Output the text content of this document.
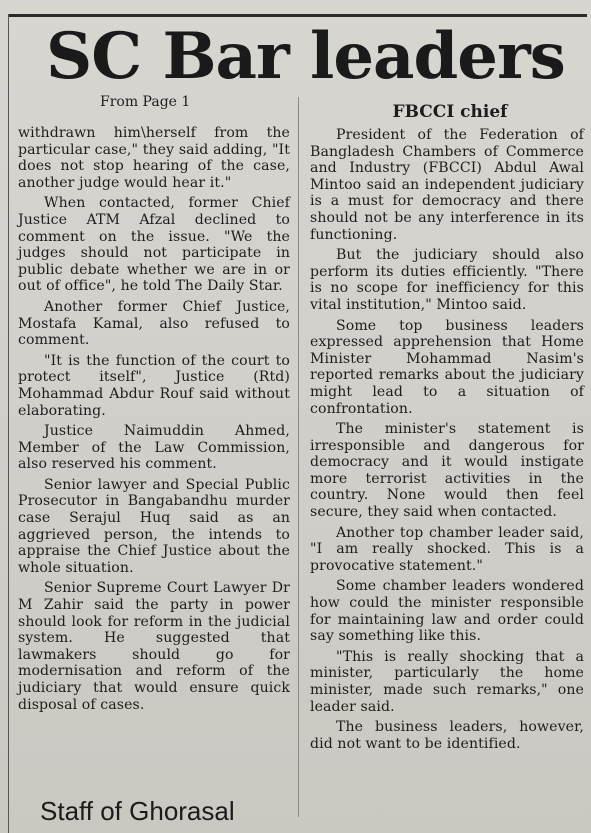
SC Bar leaders
From Page 1

withdrawn him\herself from the particular case," they said adding, "It does not stop hearing of the case, another judge would hear it."

When contacted, former Chief Justice ATM Afzal declined to comment on the issue. "We the judges should not participate in public debate whether we are in or out of office", he told The Daily Star.

Another former Chief Justice, Mostafa Kamal, also refused to comment.

"It is the function of the court to protect itself", Justice (Rtd) Mohammad Abdur Rouf said without elaborating.

Justice Naimuddin Ahmed, Member of the Law Commission, also reserved his comment.

Senior lawyer and Special Public Prosecutor in Bangabandhu murder case Serajul Huq said as an aggrieved person, the intends to appraise the Chief Justice about the whole situation.

Senior Supreme Court Lawyer Dr M Zahir said the party in power should look for reform in the judicial system. He suggested that lawmakers should go for modernisation and reform of the judiciary that would ensure quick disposal of cases.

FBCCI chief

President of the Federation of Bangladesh Chambers of Commerce and Industry (FBCCI) Abdul Awal Mintoo said an independent judiciary is a must for democracy and there should not be any interference in its functioning.

But the judiciary should also perform its duties efficiently. "There is no scope for inefficiency for this vital institution," Mintoo said.

Some top business leaders expressed apprehension that Home Minister Mohammad Nasim's reported remarks about the judiciary might lead to a situation of confrontation.

The minister's statement is irresponsible and dangerous for democracy and it would instigate more terrorist activities in the country. None would then feel secure, they said when contacted.

Another top chamber leader said, "I am really shocked. This is a provocative statement."

Some chamber leaders wondered how could the minister responsible for maintaining law and order could say something like this.

"This is really shocking that a minister, particularly the home minister, made such remarks," one leader said.

The business leaders, however, did not want to be identified.

Staff of Ghorasal
